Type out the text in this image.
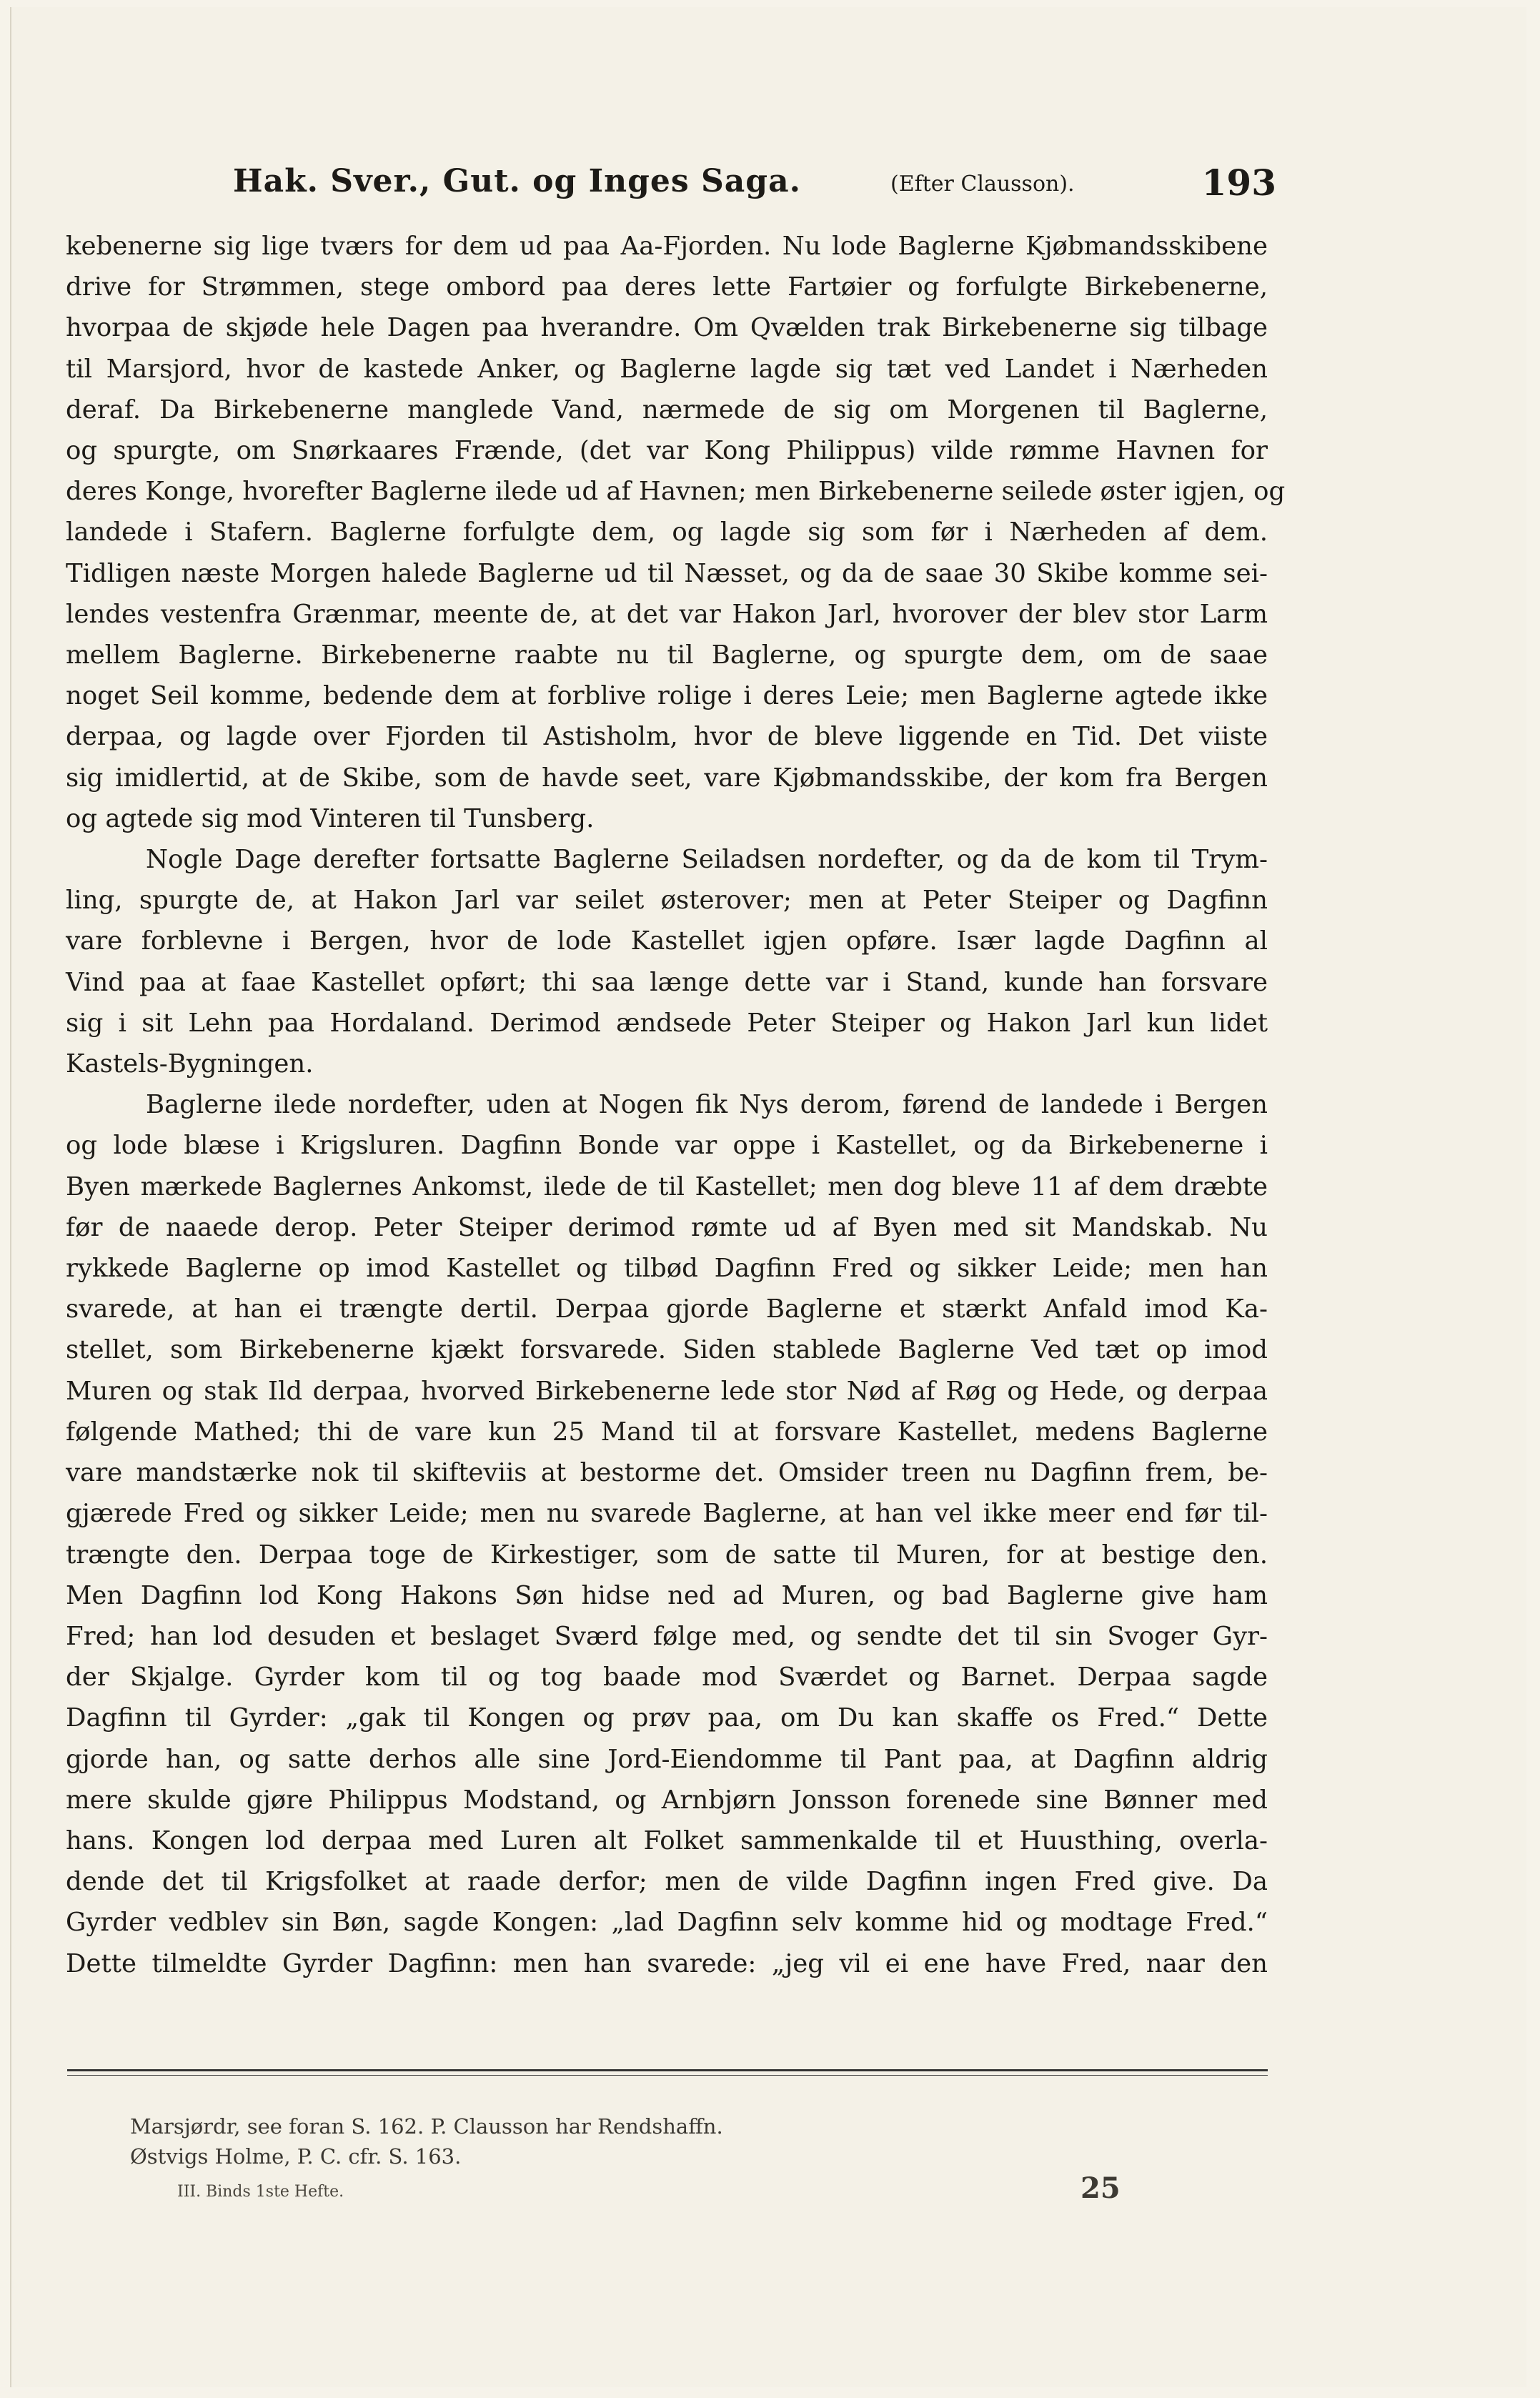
Hak. Sver., Gut. og Inges Saga.	(Efter Clausson).	193

kebenerne sig lige tværs for dem ud paa Aa-Fjorden. Nu lode Baglerne Kjøbmandsskibene

drive for Strømmen, stege ombord paa deres lette Fartøier og forfulgte Birkebenerne,

hvorpaa de skjøde hele Dagen paa hverandre. Om Qvælden trak Birkebenerne sig tilbage

til Marsjord, hvor de kastede Anker, og Baglerne lagde sig tæt ved Landet i Nærheden

deraf. Da Birkebenerne manglede Vand, nærmede de sig om Morgenen til Baglerne,

og spurgte, om Snørkaares Frænde, (det var Kong Philippus) vilde rømme Havnen for

deres Konge, hvorefter Baglerne ilede ud af Havnen; men Birkebenerne seilede øster igjen, og

landede i Stafern. Baglerne forfulgte dem, og lagde sig som før i Nærheden af dem.

Tidligen næste Morgen halede Baglerne ud til Næsset, og da de saae 30 Skibe komme sei-

lendes vestenfra Grænmar, meente de, at det var Hakon Jarl, hvorover der blev stor Larm

mellem Baglerne. Birkebenerne raabte nu til Baglerne, og spurgte dem, om de saae

noget Seil komme, bedende dem at forblive rolige i deres Leie; men Baglerne agtede ikke

derpaa, og lagde over Fjorden til Astisholm, hvor de bleve liggende en Tid. Det viiste

sig imidlertid, at de Skibe, som de havde seet, vare Kjøbmandsskibe, der kom fra Bergen

og agtede sig mod Vinteren til Tunsberg.

Nogle Dage derefter fortsatte Baglerne Seiladsen nordefter, og da de kom til Trym-

ling, spurgte de, at Hakon Jarl var seilet østerover; men at Peter Steiper og Dagfinn

vare forblevne i Bergen, hvor de lode Kastellet igjen opføre. Især lagde Dagfinn al

Vind paa at faae Kastellet opført; thi saa længe dette var i Stand, kunde han forsvare

sig i sit Lehn paa Hordaland. Derimod ændsede Peter Steiper og Hakon Jarl kun lidet

Kastels-Bygningen.

Baglerne ilede nordefter, uden at Nogen fik Nys derom, førend de landede i Bergen

og lode blæse i Krigsluren. Dagfinn Bonde var oppe i Kastellet, og da Birkebenerne i

Byen mærkede Baglernes Ankomst, ilede de til Kastellet; men dog bleve 11 af dem dræbte

før de naaede derop. Peter Steiper derimod rømte ud af Byen med sit Mandskab. Nu

rykkede Baglerne op imod Kastellet og tilbød Dagfinn Fred og sikker Leide; men han

svarede, at han ei trængte dertil. Derpaa gjorde Baglerne et stærkt Anfald imod Ka-

stellet, som Birkebenerne kjækt forsvarede. Siden stablede Baglerne Ved tæt op imod

Muren og stak Ild derpaa, hvorved Birkebenerne lede stor Nød af Røg og Hede, og derpaa

følgende Mathed; thi de vare kun 25 Mand til at forsvare Kastellet, medens Baglerne

vare mandstærke nok til skifteviis at bestorme det. Omsider treen nu Dagfinn frem, be-

gjærede Fred og sikker Leide; men nu svarede Baglerne, at han vel ikke meer end før til-

trængte den. Derpaa toge de Kirkestiger, som de satte til Muren, for at bestige den.

Men Dagfinn lod Kong Hakons Søn hidse ned ad Muren, og bad Baglerne give ham

Fred; han lod desuden et beslaget Sværd følge med, og sendte det til sin Svoger Gyr-

der Skjalge. Gyrder kom til og tog baade mod Sværdet og Barnet. Derpaa sagde

Dagfinn til Gyrder: „gak til Kongen og prøv paa, om Du kan skaffe os Fred.“ Dette

gjorde han, og satte derhos alle sine Jord-Eiendomme til Pant paa, at Dagfinn aldrig

mere skulde gjøre Philippus Modstand, og Arnbjørn Jonsson forenede sine Bønner med

hans. Kongen lod derpaa med Luren alt Folket sammenkalde til et Huusthing, overla-

dende det til Krigsfolket at raade derfor; men de vilde Dagfinn ingen Fred give. Da

Gyrder vedblev sin Bøn, sagde Kongen: „lad Dagfinn selv komme hid og modtage Fred.“

Dette tilmeldte Gyrder Dagfinn: men han svarede: „jeg vil ei ene have Fred, naar den

Marsjørdr, see foran S. 162. P. Clausson har Rendshaffn.
Østvigs Holme, P. C. cfr. S. 163.
III. Binds 1ste Hefte.	25
